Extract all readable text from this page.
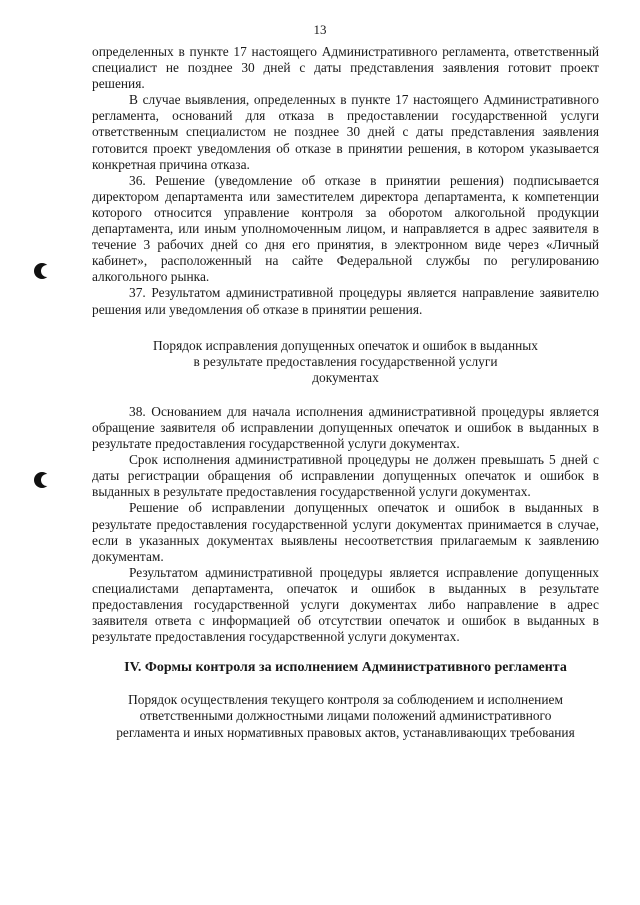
13

определенных в пункте 17 настоящего Административного регламента, ответственный специалист не позднее 30 дней с даты представления заявления готовит проект решения.

В случае выявления, определенных в пункте 17 настоящего Административного регламента, оснований для отказа в предоставлении государственной услуги ответственным специалистом не позднее 30 дней с даты представления заявления готовится проект уведомления об отказе в принятии решения, в котором указывается конкретная причина отказа.

36. Решение (уведомление об отказе в принятии решения) подписывается директором департамента или заместителем директора департамента, к компетенции которого относится управление контроля за оборотом алкогольной продукции департамента, или иным уполномоченным лицом, и направляется в адрес заявителя в течение 3 рабочих дней со дня его принятия, в электронном виде через «Личный кабинет», расположенный на сайте Федеральной службы по регулированию алкогольного рынка.

37. Результатом административной процедуры является направление заявителю решения или уведомления об отказе в принятии решения.

Порядок исправления допущенных опечаток и ошибок в выданных
в результате предоставления государственной услуги
документах

38. Основанием для начала исполнения административной процедуры является обращение заявителя об исправлении допущенных опечаток и ошибок в выданных в результате предоставления государственной услуги документах.

Срок исполнения административной процедуры не должен превышать 5 дней с даты регистрации обращения об исправлении допущенных опечаток и ошибок в выданных в результате предоставления государственной услуги документах.

Решение об исправлении допущенных опечаток и ошибок в выданных в результате предоставления государственной услуги документах принимается в случае, если в указанных документах выявлены несоответствия прилагаемым к заявлению документам.

Результатом административной процедуры является исправление допущенных специалистами департамента, опечаток и ошибок в выданных в результате предоставления государственной услуги документах либо направление в адрес заявителя ответа с информацией об отсутствии опечаток и ошибок в выданных в результате предоставления государственной услуги документах.

IV. Формы контроля за исполнением Административного регламента
Порядок осуществления текущего контроля за соблюдением и исполнением
ответственными должностными лицами положений административного
регламента и иных нормативных правовых актов, устанавливающих требования
